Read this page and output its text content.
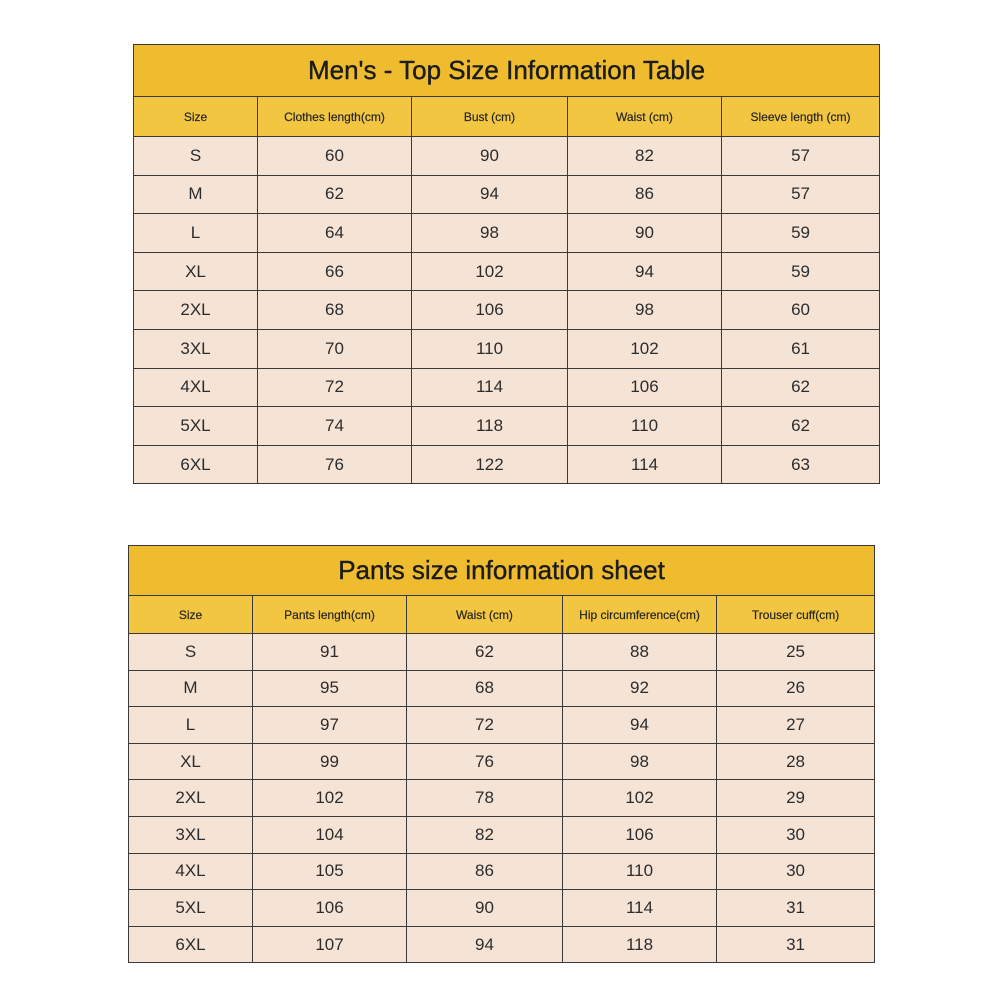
Men's - Top Size Information Table				
Size	Clothes length(cm)	Bust (cm)	Waist (cm)	Sleeve length (cm)
S	60	90	82	57
M	62	94	86	57
L	64	98	90	59
XL	66	102	94	59
2XL	68	106	98	60
3XL	70	110	102	61
4XL	72	114	106	62
5XL	74	118	110	62
6XL	76	122	114	63
Pants size information sheet				
Size	Pants length(cm)	Waist (cm)	Hip circumference(cm)	Trouser cuff(cm)
S	91	62	88	25
M	95	68	92	26
L	97	72	94	27
XL	99	76	98	28
2XL	102	78	102	29
3XL	104	82	106	30
4XL	105	86	110	30
5XL	106	90	114	31
6XL	107	94	118	31
